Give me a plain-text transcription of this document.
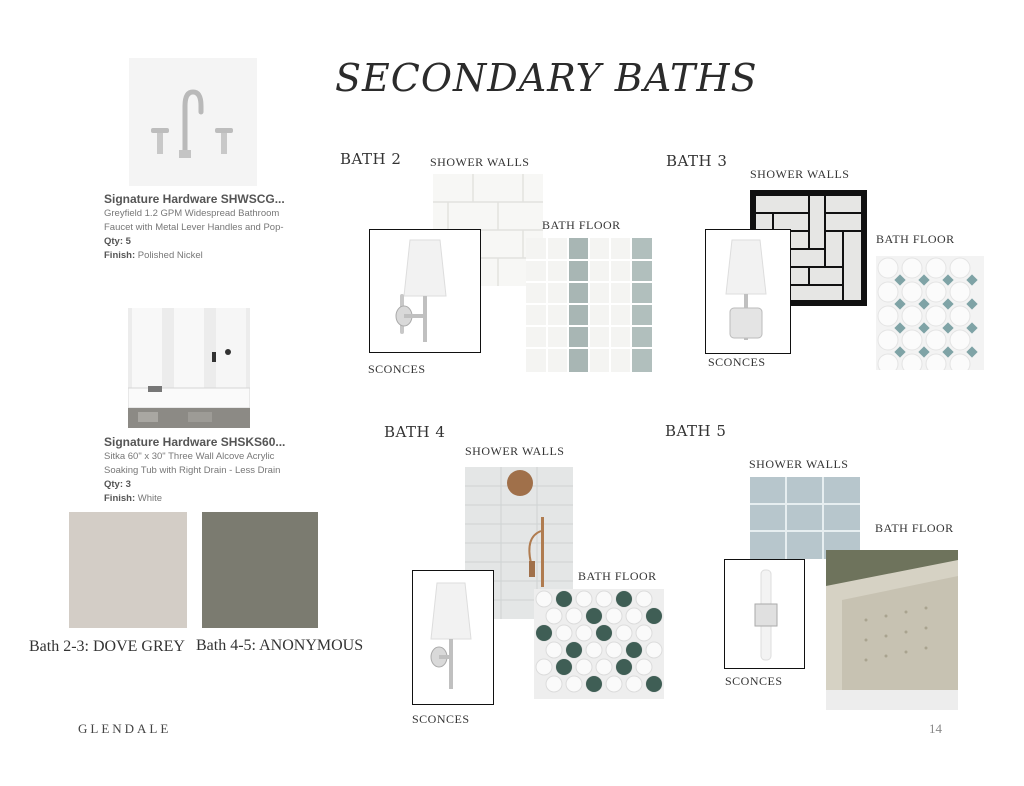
SECONDARY BATHS
Signature Hardware SHWSCG...
Greyfield 1.2 GPM Widespread Bathroom
Faucet with Metal Lever Handles and Pop-
Qty: 5
Finish: Polished Nickel
Signature Hardware SHSKS60...
Sitka 60" x 30" Three Wall Alcove Acrylic
Soaking Tub with Right Drain - Less Drain
Qty: 3
Finish: White
Bath 2-3: DOVE GREY Bath 4-5: ANONYMOUS
BATH 2 SHOWER WALLS
BATH FLOOR
SCONCES
BATH 3
SHOWER WALLS
BATH FLOOR
SCONCES
BATH 4
SHOWER WALLS
BATH FLOOR
SCONCES
BATH 5
SHOWER WALLS
BATH FLOOR
SCONCES
GLENDALE	14
